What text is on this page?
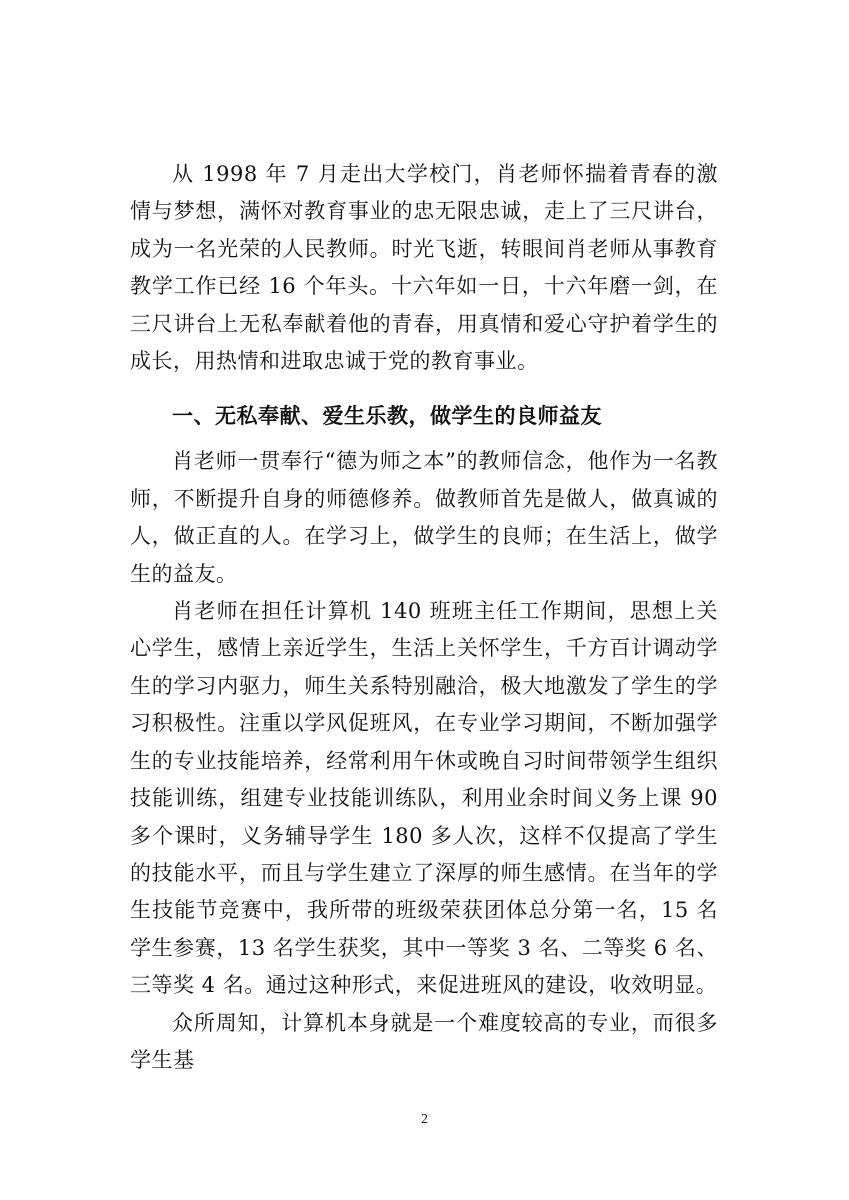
从 1998 年 7 月走出大学校门，肖老师怀揣着青春的激情与梦想，满怀对教育事业的忠无限忠诚，走上了三尺讲台，成为一名光荣的人民教师。时光飞逝，转眼间肖老师从事教育教学工作已经 16 个年头。十六年如一日，十六年磨一剑，在三尺讲台上无私奉献着他的青春，用真情和爱心守护着学生的成长，用热情和进取忠诚于党的教育事业。

一、无私奉献、爱生乐教，做学生的良师益友

肖老师一贯奉行“德为师之本”的教师信念，他作为一名教师，不断提升自身的师德修养。做教师首先是做人，做真诚的人，做正直的人。在学习上，做学生的良师；在生活上，做学生的益友。

肖老师在担任计算机 140 班班主任工作期间，思想上关心学生，感情上亲近学生，生活上关怀学生，千方百计调动学生的学习内驱力，师生关系特别融洽，极大地激发了学生的学习积极性。注重以学风促班风，在专业学习期间，不断加强学生的专业技能培养，经常利用午休或晚自习时间带领学生组织技能训练，组建专业技能训练队，利用业余时间义务上课 90 多个课时，义务辅导学生 180 多人次，这样不仅提高了学生的技能水平，而且与学生建立了深厚的师生感情。在当年的学生技能节竞赛中，我所带的班级荣获团体总分第一名，15 名学生参赛，13 名学生获奖，其中一等奖 3 名、二等奖 6 名、三等奖 4 名。通过这种形式，来促进班风的建设，收效明显。

众所周知，计算机本身就是一个难度较高的专业，而很多学生基

2
